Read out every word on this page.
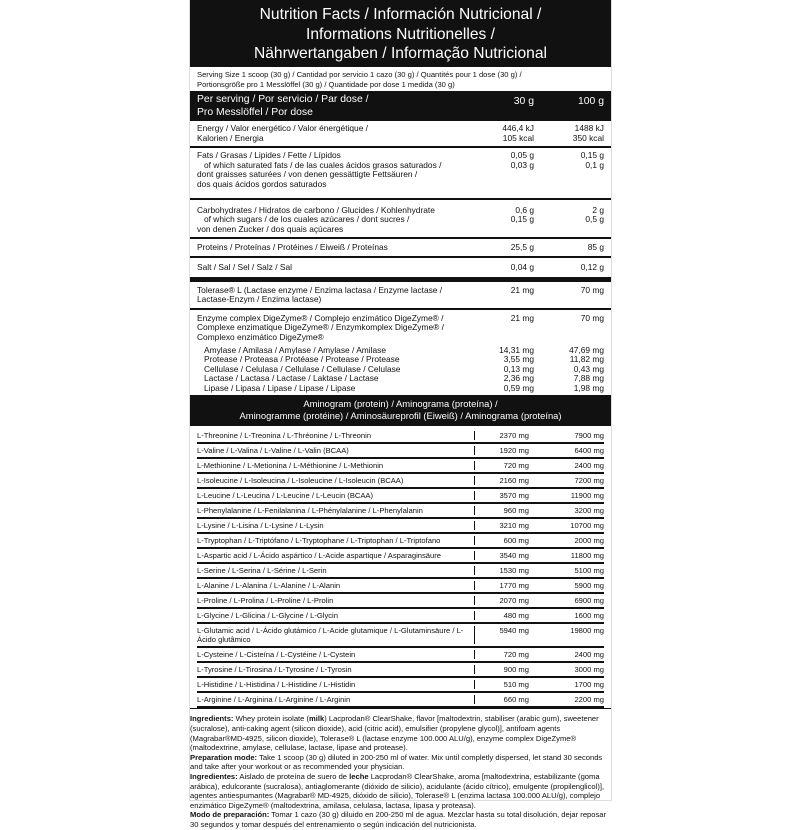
Nutrition Facts / Información Nutricional /
Informations Nutritionelles /
Nährwertangaben / Informação Nutricional
Serving Size 1 scoop (30 g) / Cantidad por servicio 1 cazo (30 g) / Quantités pour 1 dose (30 g) /
Portionsgröße pro 1 Messlöffel (30 g) / Quantidade por dose 1 medida (30 g)
Per serving / Por servicio / Par dose /
Pro Messlöffel / Por dose
30 g	100 g
Energy / Valor energético / Valor énergétique /	446,4 kJ	1488 kJ
Kalorien / Energia	105 kcal	350 kcal
Fats / Grasas / Lipides / Fette / Lípidos	0,05 g	0,15 g
of which saturated fats / de las cuales ácidos grasos saturados /	0,03 g	0,1 g
dont graisses saturées / von denen gessättigte Fettsäuren /
dos quais ácidos gordos saturados
Carbohydrates / Hidratos de carbono / Glucides / Kohlenhydrate	0,6 g	2 g
of which sugars / de los cuales azúcares / dont sucres /	0,15 g	0,5 g
von denen Zucker / dos quais açúcares
Proteins / Proteínas / Protéines / Eiweiß / Proteínas	25,5 g	85 g
Salt / Sal / Sel / Salz / Sal	0,04 g	0,12 g
Tolerase® L (Lactase enzyme / Enzima lactasa / Enzyme lactase /	21 mg	70 mg
Lactase-Enzym / Enzima lactase)
Enzyme complex DigeZyme® / Complejo enzimático DigeZyme® /	21 mg	70 mg
Complexe enzimatique DigeZyme® / Enzymkomplex DigeZyme® /
Complexo enzimático DigeZyme®
Amylase / Amilasa / Amylase / Amylase / Amilase	14,31 mg	47,69 mg
Protease / Proteasa / Protéase / Protease / Protease	3,55 mg	11,82 mg
Cellulase / Celulasa / Cellulase / Cellulase / Celulase	0,13 mg	0,43 mg
Lactase / Lactasa / Lactase / Laktase / Lactase	2,36 mg	7,88 mg
Lipase / Lipasa / Lipase / Lipase / Lipase	0,59 mg	1,98 mg
Aminogram (protein) / Aminograma (proteína) /
Aminogramme (protéine) / Aminosäureprofil (Eiweiß) / Aminograma (proteína)
L-Threonine / L-Treonina / L-Thréonine / L-Threonin	2370 mg	7900 mg
L-Valine / L-Valina / L-Valine / L-Valin (BCAA)	1920 mg	6400 mg
L-Methionine / L-Metionina / L-Méthionine / L-Methionin	720 mg	2400 mg
L-Isoleucine / L-Isoleucina / L-Isoleucine / L-Isoleucin (BCAA)	2160 mg	7200 mg
L-Leucine / L-Leucina / L-Leucine / L-Leucin (BCAA)	3570 mg	11900 mg
L-Phenylalanine / L-Fenilalanina / L-Phénylalanine / L-Phenylalanin	960 mg	3200 mg
L-Lysine / L-Lisina / L-Lysine / L-Lysin	3210 mg	10700 mg
L-Tryptophan / L-Triptófano / L-Tryptophane / L-Triptophan / L-Triptofano	600 mg	2000 mg
L-Aspartic acid / L-Ácido aspártico / L-Acide aspartique / Asparaginsäure	3540 mg	11800 mg
L-Serine / L-Serina / L-Sérine / L-Serin	1530 mg	5100 mg
L-Alanine / L-Alanina / L-Alanine / L-Alanin	1770 mg	5900 mg
L-Proline / L-Prolina / L-Proline / L-Prolin	2070 mg	6900 mg
L-Glycine / L-Glicina / L-Glycine / L-Glycin	480 mg	1600 mg
L-Glutamic acid / L-Ácido glutámico / L-Acide glutamique / L-Glutaminsäure / L-Ácido glutâmico
5940 mg	19800 mg
L-Cysteine / L-Cisteína / L-Cystéine / L-Cystein	720 mg	2400 mg
L-Tyrosine / L-Tirosina / L-Tyrosine / L-Tyrosin	900 mg	3000 mg
L-Histidine / L-Histidina / L-Histidine / L-Histidin	510 mg	1700 mg
L-Arginine / L-Arginina / L-Arginine / L-Arginin	660 mg	2200 mg

Ingredients: Whey protein isolate (milk) Lacprodan® ClearShake, flavor [maltodextrin, stabiliser (arabic gum), sweetener (sucralose), anti-caking agent (silicon dioxide), acid (citric acid), emulsifier (propylene glycol)], antifoam agents (Magrabar®MD-4925, silicon dioxide), Tolerase® L (lactase enzyme 100.000 ALU/g), enzyme complex DigeZyme® (maltodextrine, amylase, cellulase, lactase, lipase and protease).

Preparation mode: Take 1 scoop (30 g) diluted in 200-250 ml of water. Mix until completly dispersed, let stand 30 seconds and take after your workout or as recommended your physician.

Ingredientes: Aislado de proteína de suero de leche Lacprodan® ClearShake, aroma [maltodextrina, estabilizante (goma arábica), edulcorante (sucralosa), antiaglomerante (dióxido de silicio), acidulante (ácido cítrico), emulgente (propilenglicol)], agentes antiespumantes (Magrabar® MD-4925, dióxido de silicio), Tolerase® L (enzima lactasa 100.000 ALU/g), complejo enzimático DigeZyme® (maltodextrina, amilasa, celulasa, lactasa, lipasa y proteasa).

Modo de preparación: Tomar 1 cazo (30 g) diluido en 200-250 ml de agua. Mezclar hasta su total disolución, dejar reposar 30 segundos y tomar después del entrenamiento o según indicación del nutricionista.
